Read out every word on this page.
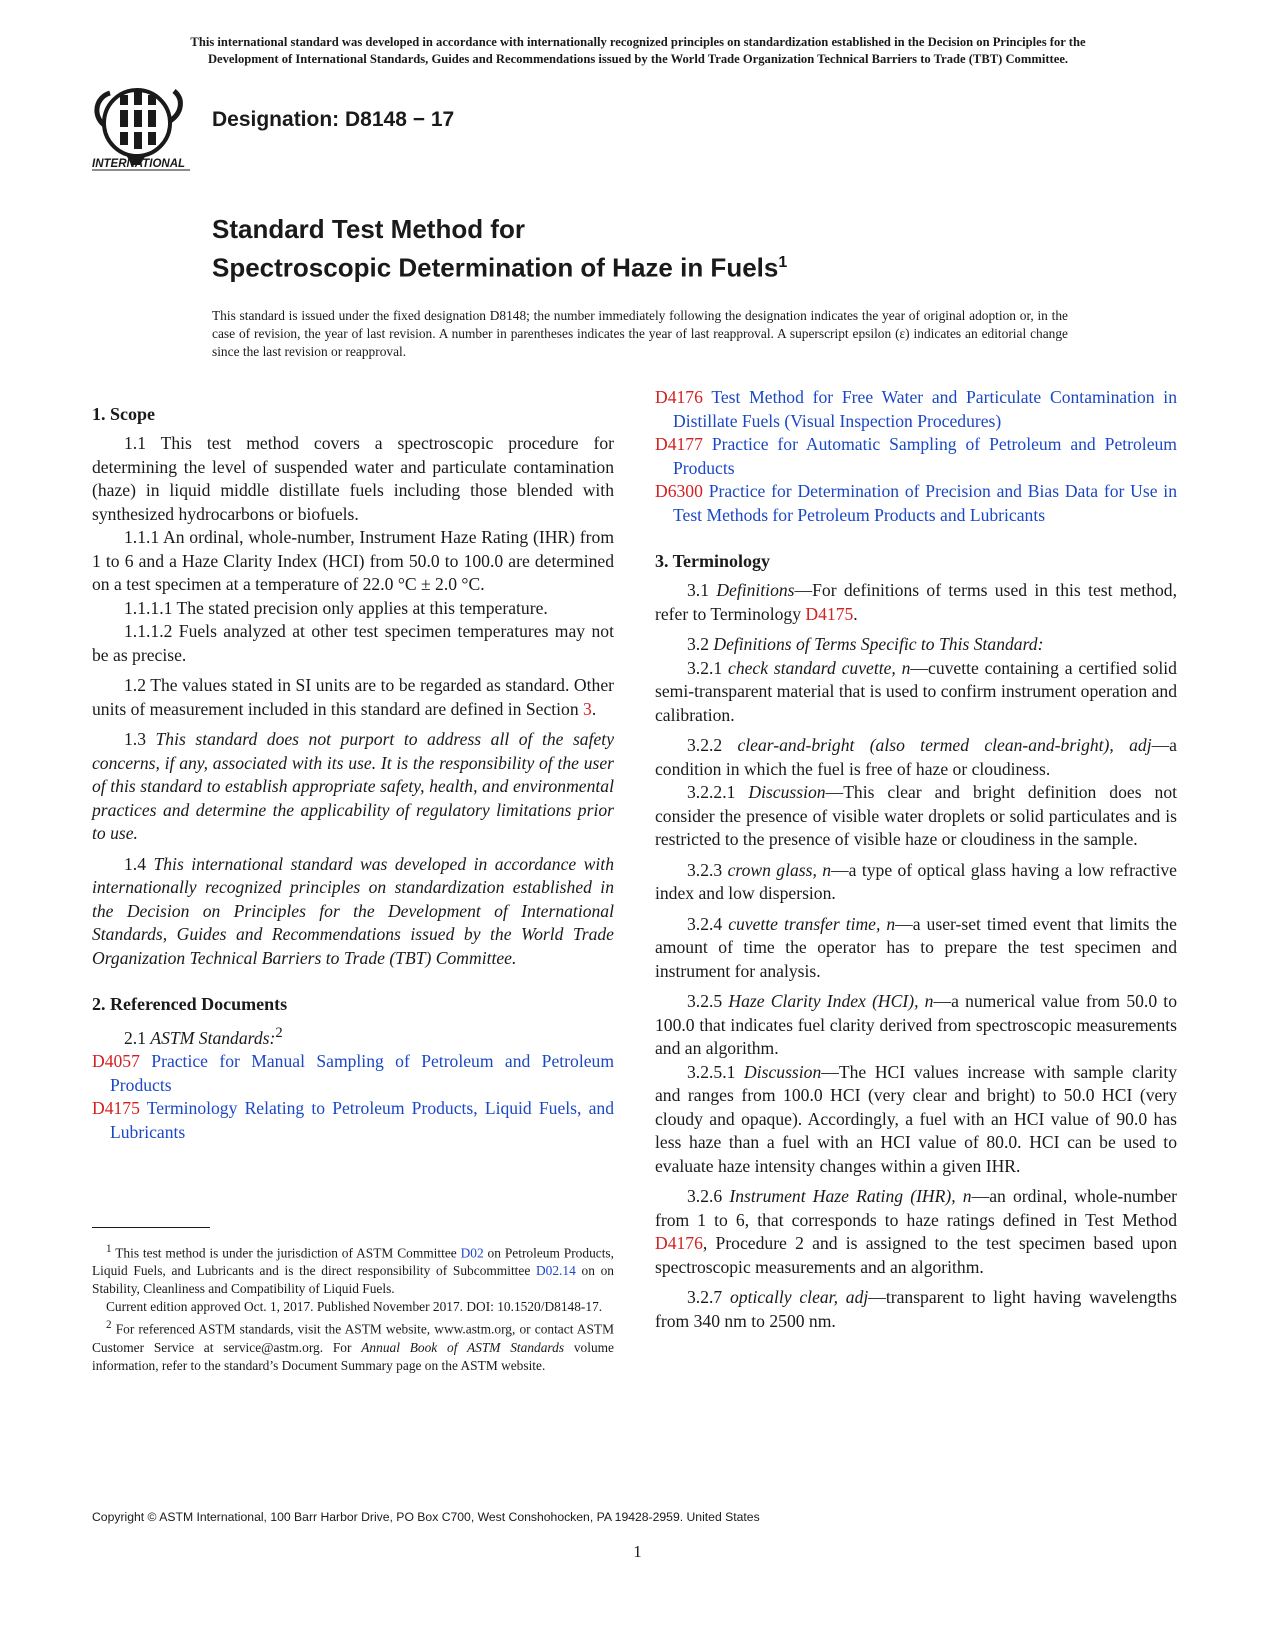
This international standard was developed in accordance with internationally recognized principles on standardization established in the Decision on Principles for the
Development of International Standards, Guides and Recommendations issued by the World Trade Organization Technical Barriers to Trade (TBT) Committee.
INTERNATIONAL
Designation: D8148 − 17
Standard Test Method for
Spectroscopic Determination of Haze in Fuels$^1$
This standard is issued under the fixed designation D8148; the number immediately following the designation indicates the year of original adoption or, in the case of revision, the year of last revision. A number in parentheses indicates the year of last reapproval. A superscript epsilon (ε) indicates an editorial change since the last revision or reapproval.
1. Scope

1.1 This test method covers a spectroscopic procedure for determining the level of suspended water and particulate contamination (haze) in liquid middle distillate fuels including those blended with synthesized hydrocarbons or biofuels.

1.1.1 An ordinal, whole-number, Instrument Haze Rating (IHR) from 1 to 6 and a Haze Clarity Index (HCI) from 50.0 to 100.0 are determined on a test specimen at a temperature of 22.0 °C ± 2.0 °C.

1.1.1.1 The stated precision only applies at this temperature.

1.1.1.2 Fuels analyzed at other test specimen temperatures may not be as precise.

1.2 The values stated in SI units are to be regarded as standard. Other units of measurement included in this standard are defined in Section 3.

1.3 This standard does not purport to address all of the safety concerns, if any, associated with its use. It is the responsibility of the user of this standard to establish appropriate safety, health, and environmental practices and determine the applicability of regulatory limitations prior to use.

1.4 This international standard was developed in accordance with internationally recognized principles on standardization established in the Decision on Principles for the Development of International Standards, Guides and Recommendations issued by the World Trade Organization Technical Barriers to Trade (TBT) Committee.

2. Referenced Documents

2.1 ASTM Standards:$^2$

D4057 Practice for Manual Sampling of Petroleum and Petroleum Products

D4175 Terminology Relating to Petroleum Products, Liquid Fuels, and Lubricants

D4176 Test Method for Free Water and Particulate Contamination in Distillate Fuels (Visual Inspection Procedures)

D4177 Practice for Automatic Sampling of Petroleum and Petroleum Products

D6300 Practice for Determination of Precision and Bias Data for Use in Test Methods for Petroleum Products and Lubricants

3. Terminology

3.1 Definitions—For definitions of terms used in this test method, refer to Terminology D4175.

3.2 Definitions of Terms Specific to This Standard:

3.2.1 check standard cuvette, n—cuvette containing a certified solid semi-transparent material that is used to confirm instrument operation and calibration.

3.2.2 clear-and-bright (also termed clean-and-bright), adj—a condition in which the fuel is free of haze or cloudiness.

3.2.2.1 Discussion—This clear and bright definition does not consider the presence of visible water droplets or solid particulates and is restricted to the presence of visible haze or cloudiness in the sample.

3.2.3 crown glass, n—a type of optical glass having a low refractive index and low dispersion.

3.2.4 cuvette transfer time, n—a user-set timed event that limits the amount of time the operator has to prepare the test specimen and instrument for analysis.

3.2.5 Haze Clarity Index (HCI), n—a numerical value from 50.0 to 100.0 that indicates fuel clarity derived from spectroscopic measurements and an algorithm.

3.2.5.1 Discussion—The HCI values increase with sample clarity and ranges from 100.0 HCI (very clear and bright) to 50.0 HCI (very cloudy and opaque). Accordingly, a fuel with an HCI value of 90.0 has less haze than a fuel with an HCI value of 80.0. HCI can be used to evaluate haze intensity changes within a given IHR.

3.2.6 Instrument Haze Rating (IHR), n—an ordinal, whole-number from 1 to 6, that corresponds to haze ratings defined in Test Method D4176, Procedure 2 and is assigned to the test specimen based upon spectroscopic measurements and an algorithm.

3.2.7 optically clear, adj—transparent to light having wavelengths from 340 nm to 2500 nm.

$^1$ This test method is under the jurisdiction of ASTM Committee D02 on Petroleum Products, Liquid Fuels, and Lubricants and is the direct responsibility of Subcommittee D02.14 on on Stability, Cleanliness and Compatibility of Liquid Fuels.

Current edition approved Oct. 1, 2017. Published November 2017. DOI: 10.1520/D8148-17.

$^2$ For referenced ASTM standards, visit the ASTM website, www.astm.org, or contact ASTM Customer Service at service@astm.org. For Annual Book of ASTM Standards volume information, refer to the standard’s Document Summary page on the ASTM website.

Copyright © ASTM International, 100 Barr Harbor Drive, PO Box C700, West Conshohocken, PA 19428-2959. United States
1
